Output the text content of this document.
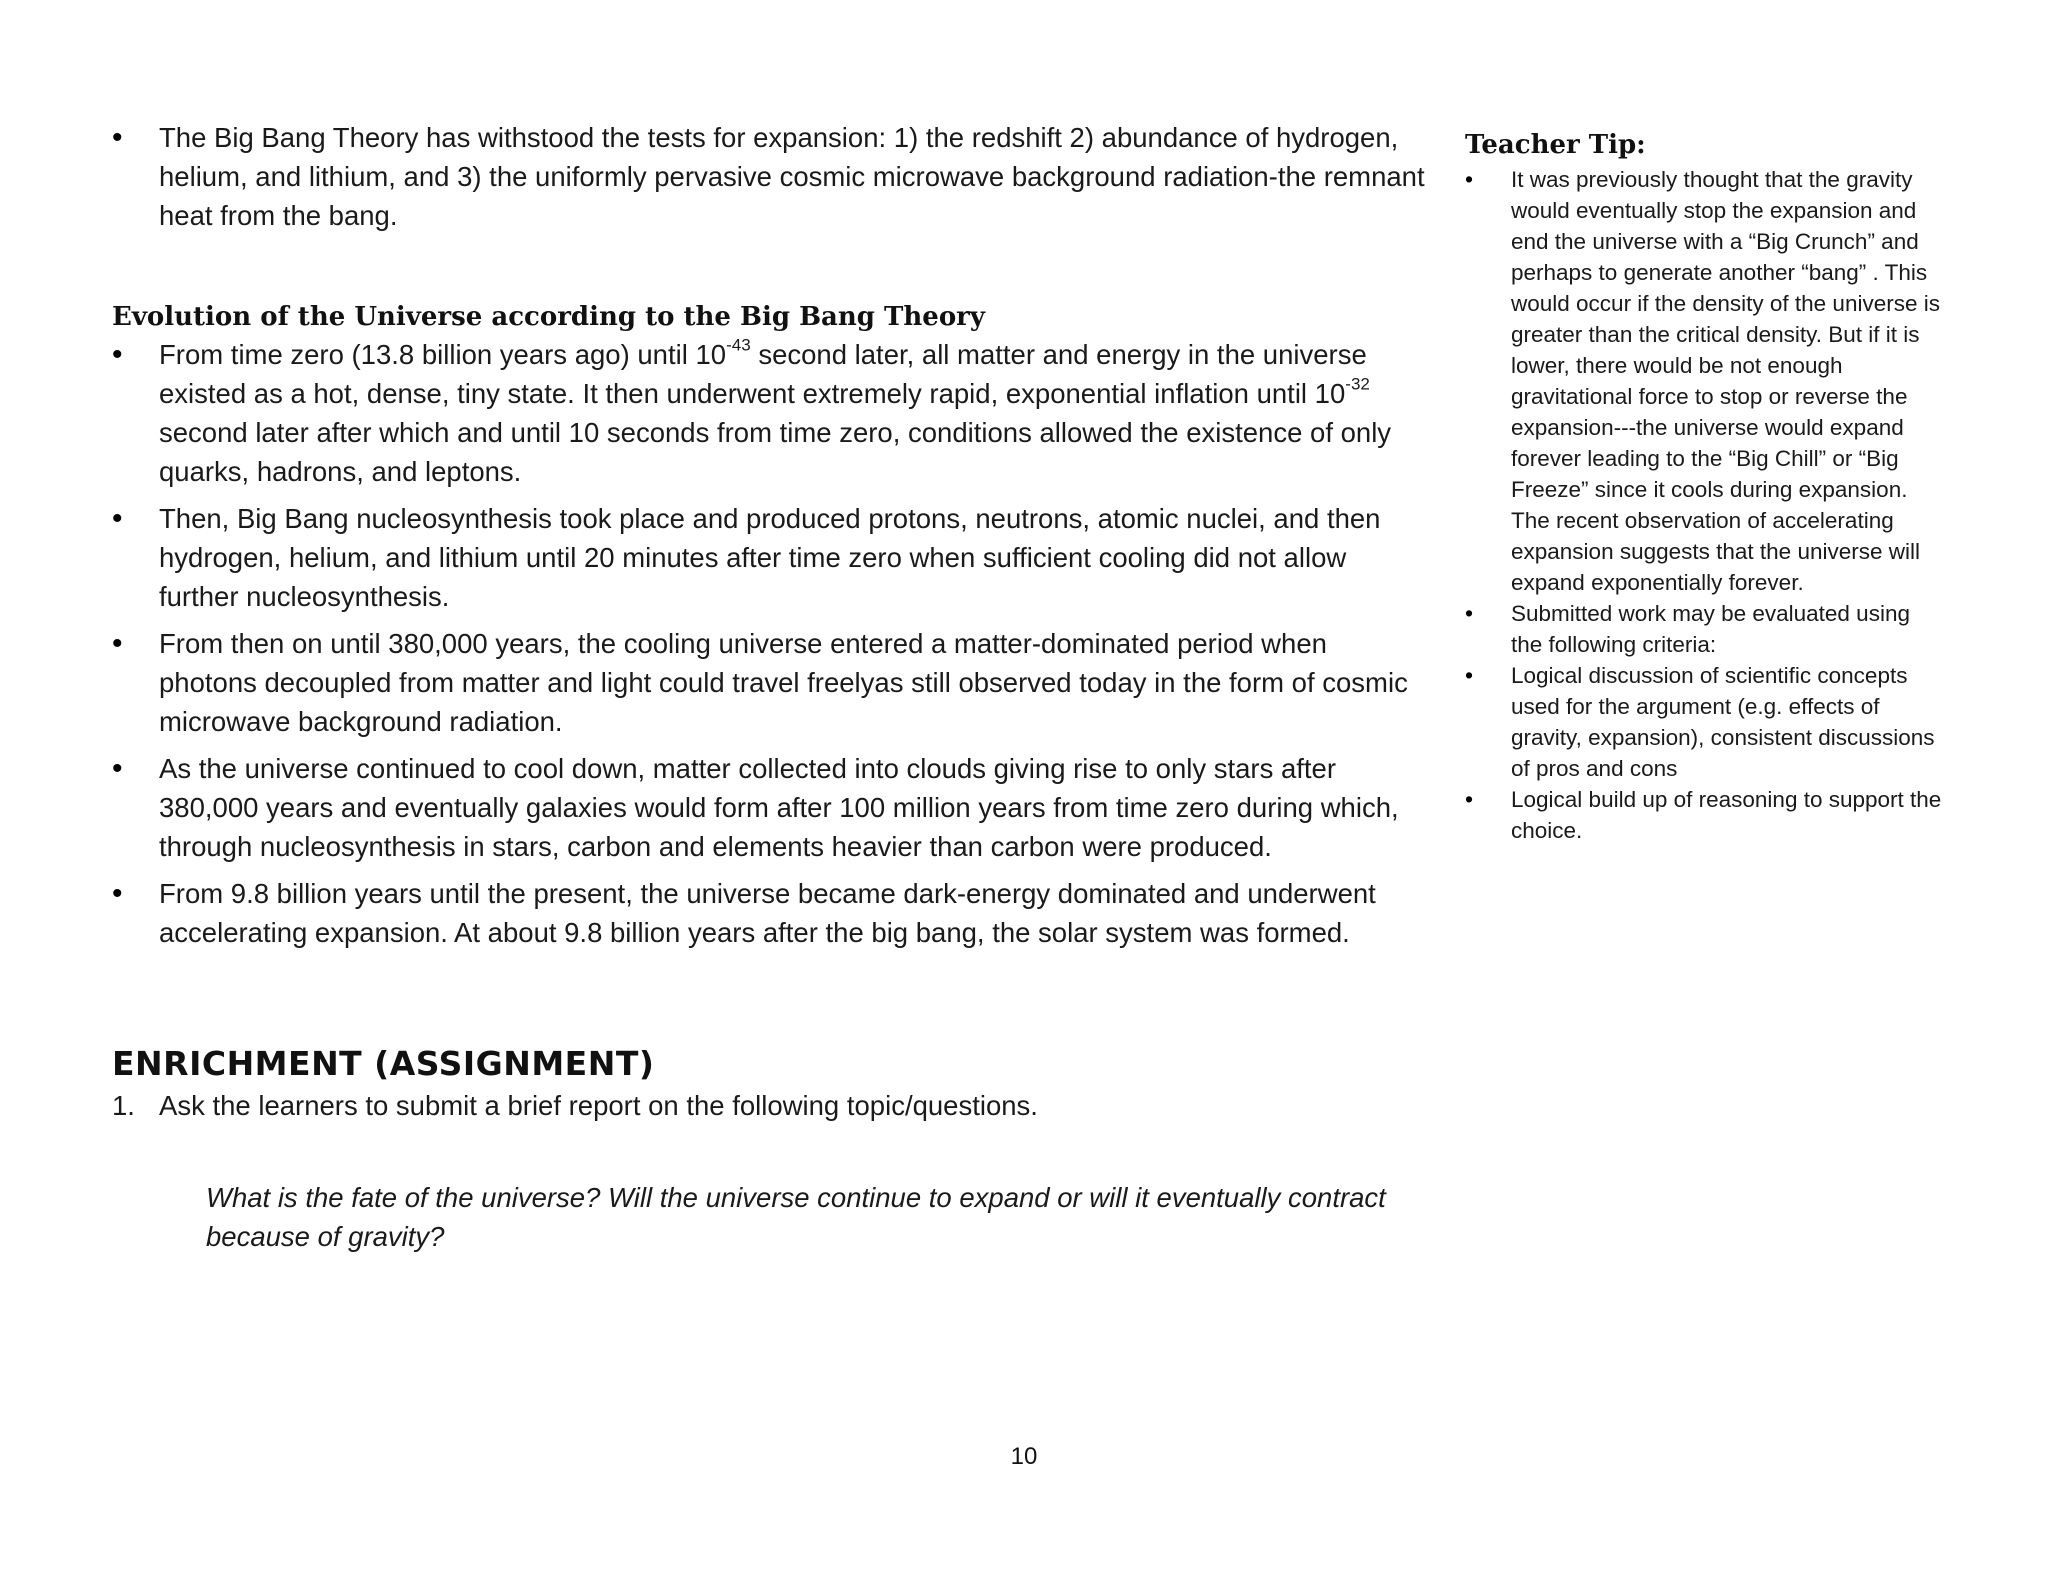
• The Big Bang Theory has withstood the tests for expansion: 1) the redshift 2) abundance of hydrogen, helium, and lithium, and 3) the uniformly pervasive cosmic microwave background radiation-the remnant heat from the bang.
Evolution of the Universe according to the Big Bang Theory
• From time zero (13.8 billion years ago) until $10^{-43}$ second later, all matter and energy in the universe existed as a hot, dense, tiny state. It then underwent extremely rapid, exponential inflation until $10^{-32}$ second later after which and until 10 seconds from time zero, conditions allowed the existence of only quarks, hadrons, and leptons.
• Then, Big Bang nucleosynthesis took place and produced protons, neutrons, atomic nuclei, and then hydrogen, helium, and lithium until 20 minutes after time zero when sufficient cooling did not allow further nucleosynthesis.
• From then on until 380,000 years, the cooling universe entered a matter-dominated period when photons decoupled from matter and light could travel freelyas still observed today in the form of cosmic microwave background radiation.
• As the universe continued to cool down, matter collected into clouds giving rise to only stars after 380,000 years and eventually galaxies would form after 100 million years from time zero during which, through nucleosynthesis in stars, carbon and elements heavier than carbon were produced.
• From 9.8 billion years until the present, the universe became dark-energy dominated and underwent accelerating expansion. At about 9.8 billion years after the big bang, the solar system was formed.
ENRICHMENT (ASSIGNMENT)
1. Ask the learners to submit a brief report on the following topic/questions.
What is the fate of the universe? Will the universe continue to expand or will it eventually contract because of gravity?
Teacher Tip:
• It was previously thought that the gravity would eventually stop the expansion and end the universe with a “Big Crunch” and perhaps to generate another “bang” . This would occur if the density of the universe is greater than the critical density. But if it is lower, there would be not enough gravitational force to stop or reverse the expansion---the universe would expand forever leading to the “Big Chill” or “Big Freeze” since it cools during expansion. The recent observation of accelerating expansion suggests that the universe will expand exponentially forever.
• Submitted work may be evaluated using the following criteria:
• Logical discussion of scientific concepts used for the argument (e.g. effects of gravity, expansion), consistent discussions of pros and cons
• Logical build up of reasoning to support the choice.
10
